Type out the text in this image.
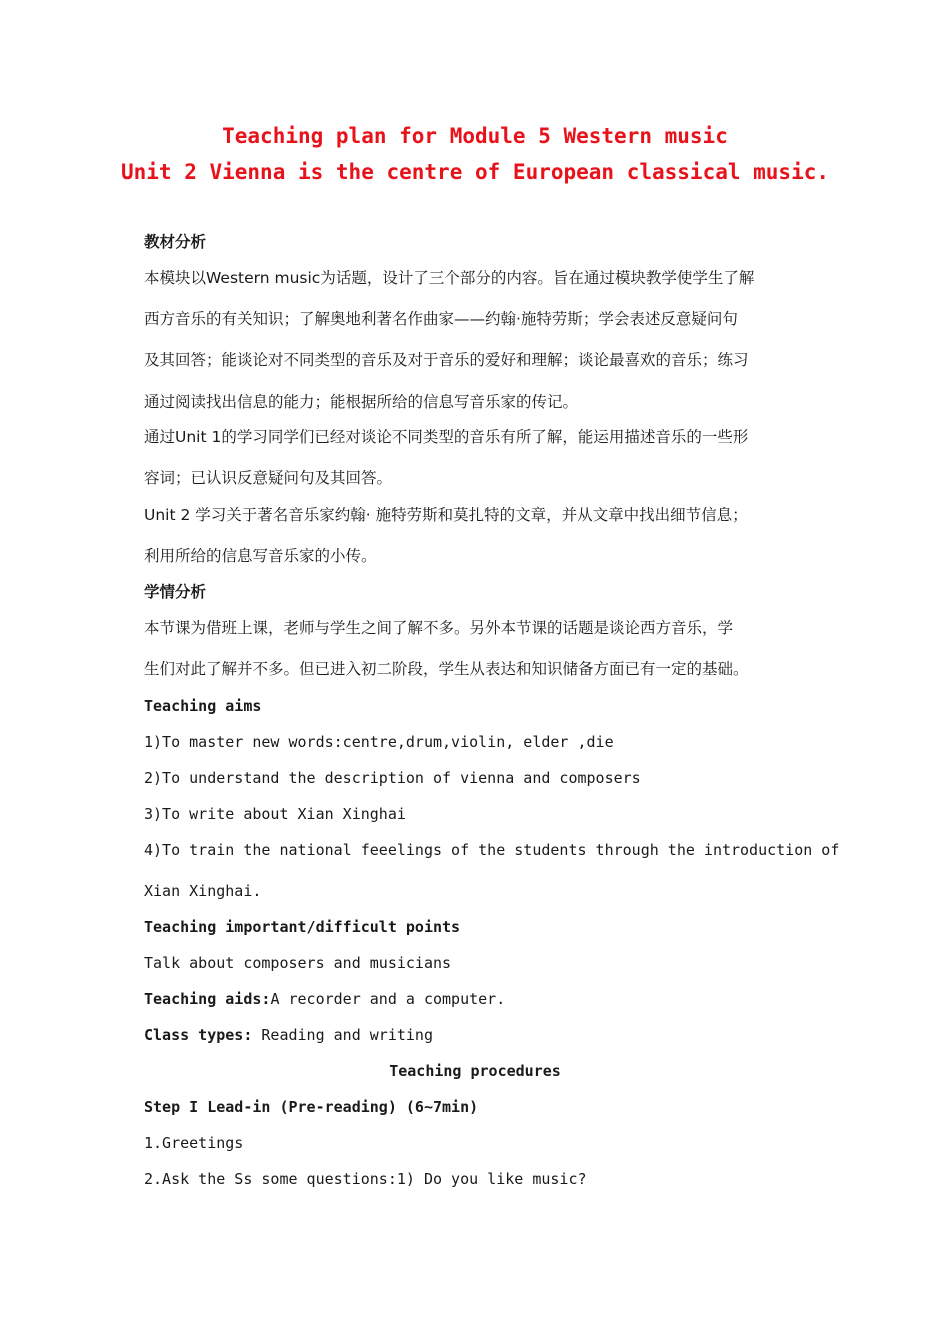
Teaching plan for Module 5 Western music
Unit 2 Vienna is the centre of European classical music.
教材分析
本模块以Western music为话题，设计了三个部分的内容。旨在通过模块教学使学生了解
西方音乐的有关知识；了解奥地利著名作曲家——约翰·施特劳斯；学会表述反意疑问句
及其回答；能谈论对不同类型的音乐及对于音乐的爱好和理解；谈论最喜欢的音乐；练习
通过阅读找出信息的能力；能根据所给的信息写音乐家的传记。
通过Unit 1的学习同学们已经对谈论不同类型的音乐有所了解，能运用描述音乐的一些形
容词；已认识反意疑问句及其回答。
Unit 2 学习关于著名音乐家约翰· 施特劳斯和莫扎特的文章，并从文章中找出细节信息；
利用所给的信息写音乐家的小传。
学情分析
本节课为借班上课，老师与学生之间了解不多。另外本节课的话题是谈论西方音乐，学
生们对此了解并不多。但已进入初二阶段，学生从表达和知识储备方面已有一定的基础。
Teaching aims
1)To master new words:centre,drum,violin, elder ,die
2)To understand the description of vienna and composers
3)To write about Xian Xinghai
4)To train the national feeelings of the students through the introduction of
Xian Xinghai.
Teaching important/difficult points
Talk about composers and musicians
Teaching aids:A recorder and a computer.
Class types: Reading and writing
Teaching procedures
Step I Lead-in (Pre-reading) (6~7min)
1.Greetings
2.Ask the Ss some questions:1) Do you like music?
